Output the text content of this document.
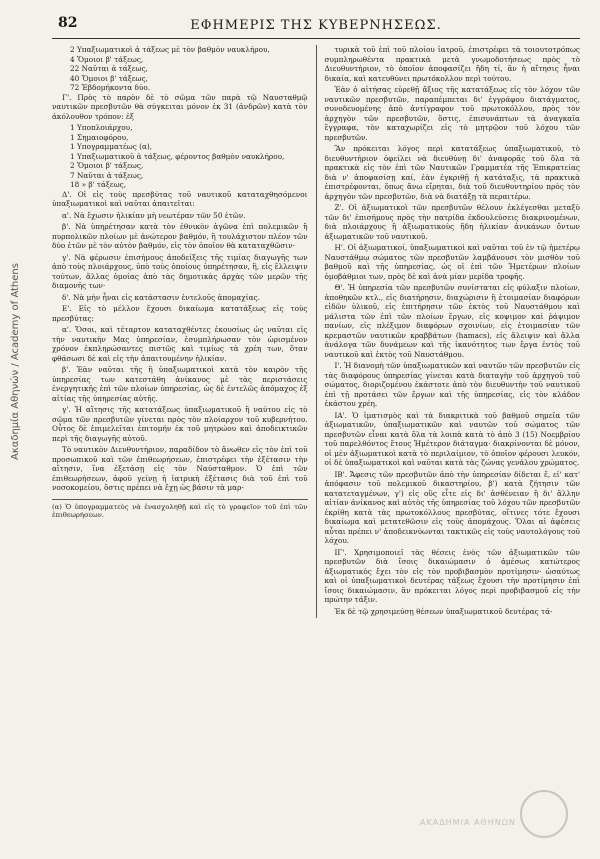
82	ΕΦΗΜΕΡΙΣ ΤΗΣ ΚΥΒΕΡΝΗΣΕΩΣ.
2 Υπαξιωματικοὶ ἀ τάξεως μὲ τὸν βαθμὸν ναυκλήρου,
4 Ὅμοιοι β' τάξεως,
22 Ναῦται ἀ τάξεως,
40 Ὅμοιοι β' τάξεως,
72 Ἑβδομήκοντα δύο.

Γ'. Πρὸς τὸ παρὸν δὲ τὸ σῶμα τῶν παρὰ τῷ Ναυσταθμῷ ναυτικῶν πρεσβυτῶν θὰ σύγκειται μόνον ἐκ 31 (ἀνδρῶν) κατὰ τὸν ἀκόλουθον τρόπον: ἐξ

1 Υποπλοιάρχου,
1 Σημαιοφόρου,
1 Υπογραμματέως (α),
1 Υπαξιωματικοῦ ἀ τάξεως, φέροντος βαθμὸν ναυκλήρου,
2 Ὅμοιοι β' τάξεως,
7 Ναῦται ἀ τάξεως,
18 » β' τάξεως,

Δ'. Οἱ εἰς τοὺς πρεσβύτας τοῦ ναυτικοῦ καταταχθησόμενοι ὑπαξιωματικοὶ καὶ ναῦται ἀπαιτεῖται:

α'. Νὰ ἔχωσιν ἡλικίαν μὴ νεωτέραν τῶν 50 ἐτῶν.

β'. Νὰ ὑπηρέτησαν κατὰ τὸν ἐθνικὸν ἀγῶνα ἐπὶ πολεμικῶν ἢ πυρπολικῶν πλοίων μὲ ἀνώτερον βαθμόν, ἢ τουλάχιστον πλέον τῶν δύο ἐτῶν μὲ τὸν αὐτὸν βαθμόν, εἰς τὸν ὁποῖον θὰ καταταχθῶσιν·

γ'. Νὰ φέρωσιν ἐπισήμους ἀποδείξεις τῆς τιμίας διαγωγῆς των ἀπὸ τοὺς πλοιάρχους, ὑπὸ τοὺς ὁποίους ὑπηρέτησαν, ἢ, εἰς ἔλλειψιν τούτων, ἄλλας ὁμοίας ἀπὸ τὰς δημοτικὰς ἀρχὰς τῶν μερῶν τῆς διαμονῆς των·

δ'. Νὰ μὴν ἦναι εἰς κατάστασιν ἐντελοῦς ἀπομαχίας.

Ε'. Εἰς τὸ μέλλον ἔχουσι δικαίωμα κατατάξεως εἰς τοὺς πρεσβύτας:

α'. Ὅσοι, καὶ τέταρτον καταταχθέντες ἑκουσίως ὡς ναῦται εἰς τὴν ναυτικὴν Μας ὑπηρεσίαν, ἐσυμπλήρωσαν τὸν ὡρισμένον χρόνον ἐκπληρώσαντες πιστῶς καὶ τιμίως τὰ χρέη των, ὅταν φθάσωσι δὲ καὶ εἰς τὴν ἀπαιτουμένην ἡλικίαν.

β'. Ἐὰν ναῦται τῆς ἢ ὑπαξιωματικοὶ κατὰ τὸν καιρὸν τῆς ὑπηρεσίας των κατεστάθη ἀνίκανος μὲ τὰς περιστάσεις ἐνεργητικῆς ἐπὶ τῶν πλοίων ὑπηρεσίας, ὡς δὲ ἐντελῶς ἀπόμαχος ἐξ αἰτίας τῆς ὑπηρεσίας αὐτῆς.

γ'. Ἡ αἴτησις τῆς κατατάξεως ὑπαξιωματικοῦ ἢ ναύτου εἰς τὸ σῶμα τῶν πρεσβυτῶν γίνεται πρὸς τὸν πλοίαρχον τοῦ κυβερνήτου. Οὗτος δὲ ἐπιμελεῖται ἐπιτομήν ἐκ τοῦ μητρώου καὶ ἀποδεικτικῶν περὶ τῆς διαγωγῆς αὐτοῦ.

Τὸ ναυτικὸν Διευθυντήριον, παραδίδον τὸ ἄνωθεν εἰς τὸν ἐπὶ τοῦ προσωπικοῦ καὶ τῶν ἐπιθεωρήσεων, ἐπιστρέφει τὴν ἐξέτασιν τὴν αἴτησιν, ἵνα ἐξετάσῃ εἰς τὸν Ναύσταθμον. Ὁ ἐπὶ τῶν ἐπιθεωρήσεων, ἀφοῦ γείνῃ ἡ ἰατρικὴ ἐξέτασις διὰ τοῦ ἐπὶ τοῦ νοσοκομείου, ὅστις πρέπει νὰ ἔχῃ ὡς βάσιν τὰ μαρ-

(α) Ὁ ὑπογραμματεὺς νὰ ἐνασχοληθῇ καὶ εἰς τὸ γραφεῖον τοῦ ἐπὶ τῶν ἐπιθεωρήσεων.

τυρικὰ τοῦ ἐπὶ τοῦ πλοίου ἰατροῦ, ἐπιστρέφει τὰ τοιουτοτρόπως συμπληρωθέντα πρακτικὰ μετὰ γνωμοδοτήσεως πρὸς τὸ Διευθυντήριον, τὸ ὁποῖον ἀποφασίζει ἤδη τί, ἂν ἡ αἴτησις ἦναι δικαία, καὶ κατευθύνει πρωτόκολλον περὶ τούτου.

Ἐὰν ὁ αἰτήσας εὑρεθῇ ἄξιος τῆς κατατάξεως εἰς τὸν λόχον τῶν ναυτικῶν πρεσβυτῶν, παραπέμπεται δι' ἐγγράφου διατάγματος, συνοδευομένης ἀπὸ ἀντίγραφον τοῦ πρωτοκόλλου, πρὸς τὸν ἀρχηγὸν τῶν πρεσβυτῶν, ὅστις, ἐπισυνάπτων τὰ ἀναγκαῖα ἔγγραφα, τὸν καταχωρίζει εἰς τὸ μητρῷον τοῦ λόχου τῶν πρεσβυτῶν.

Ἂν πρόκειται λόγος περὶ κατατάξεως ὑπαξιωματικοῦ, τὸ διευθυντήριον ὀφείλει νὰ διευθύνῃ δι' ἀναφορᾶς τοῦ ὅλα τὰ πρακτικὰ εἰς τὸν ἐπὶ τῶν Ναυτικῶν Γραμματέα τῆς Ἐπικρατείας διὰ ν' ἀποφασίσῃ καί, ἐὰν ἐγκριθῇ ἡ κατάταξις, τὰ πρακτικὰ ἐπιστρέφονται, ὅπως ἄνω εἴρηται, διὰ τοῦ διευθυντηρίου πρὸς τὸν ἀρχηγὸν τῶν πρεσβυτῶν, διὰ νὰ διατάξῃ τὰ περαιτέρω.

Ζ'. Οἱ ἀξιωματικοὶ τῶν πρεσβυτῶν θέλουν ἐκλέγεσθαι μεταξὺ τῶν δι' ἐπισήμους πρὸς τὴν πατρίδα ἐκδουλεύσεις διακρινομένων, διὰ πλοιάρχους ἢ ἀξιωματικοὺς ἤδη ἡλικίαν ἀνικάνων ὄντων ἀξιωματικῶν τοῦ ναυτικοῦ.

Η'. Οἱ ἀξιωματικοί, ὑπαξιωματικοὶ καὶ ναῦται τοῦ ἐν τῷ ἡμετέρῳ Ναυστάθμῳ σώματος τῶν πρεσβυτῶν λαμβάνουσι τὸν μισθὸν τοῦ βαθμοῦ καὶ τῆς ὑπηρεσίας, ὡς οἱ ἐπὶ τῶν Ἡμετέρων πλοίων ὁμοβάθμιοι των, πρὸς δὲ καὶ ἀνὰ μίαν μερίδα τροφῆς.

Θ'. Ἡ ὑπηρεσία τῶν πρεσβυτῶν συνίσταται εἰς φύλαξιν πλοίων, ἀποθηκῶν κτλ., εἰς διατήρησιν, διαχώρισιν ἢ ἑτοιμασίαν διαφόρων εἰδῶν ὑλικοῦ, εἰς ἐπιτήρησιν τῶν ἐκτὸς τοῦ Ναυστάθμου καὶ μάλιστα τῶν ἐπὶ τῶν πλοίων ἔργων, εἰς κοψιμον καὶ ῥάψιμον πανίων, εἰς πλέξιμον διαφόρων σχοινίων, εἰς ἑτοιμασίαν τῶν κρεμαστῶν ναυτικῶν κραββάτων (hamacs), εἰς ἄλειψιν καὶ ἄλλα ἀνάλογα τῶν δυνάμεων καὶ τῆς ἱκανότητος των ἔργα ἐντὸς τοῦ ναυτικοῦ καὶ ἐκτὸς τοῦ Ναυστάθμου.

Ι'. Ἡ διανομὴ τῶν ὑπαξιωματικῶν καὶ ναυτῶν τῶν πρεσβυτῶν εἰς τὰς διαφόρους ὑπηρεσίας γίνεται κατὰ διαταγὴν τοῦ ἀρχηγοῦ τοῦ σώματος, διοριζομένου ἑκάστοτε ἀπὸ τὸν διευθυντὴν τοῦ ναυτικοῦ ἐπὶ τῇ προτάσει τῶν ἔργων καὶ τῆς ὑπηρεσίας, εἰς τὸν κλάδον ἑκάστου χρέη.

ΙΑ'. Ὁ ἱματισμὸς καὶ τὰ διακριτικὰ τοῦ βαθμοῦ σημεῖα τῶν ἀξιωματικῶν, ὑπαξιωματικῶν καὶ ναυτῶν τοῦ σώματος τῶν πρεσβυτῶν εἶναι κατὰ ὅλα τὰ λοιπὰ κατὰ τὸ ἀπὸ 3 (15) Νοεμβρίου τοῦ παρελθόντος ἔτους Ἡμέτερον διάταγμα· διακρίνονται δὲ μόνον, οἱ μὲν ἀξιωματικοὶ κατὰ τὸ περιλαίμιον, τὸ ὁποῖον φέρουσι λευκόν, οἱ δὲ ὑπαξιωματικοὶ καὶ ναῦται κατὰ τὰς ζώνας γενάλου χρώματος.

ΙΒ'. Ἄφεσις τῶν πρεσβυτῶν ἀπὸ τὴν ὑπηρεσίαν δίδεται ἕ, εἰ' κατ' ἀπόφασιν τοῦ πολεμικοῦ δικαστηρίου, β') κατὰ ζήτησιν τῶν κατατεταγμένων, γ') εἰς οὓς εἶτε εἰς δι' ἀσθένειαν ἢ δι' ἄλλην αἰτίαν ἀνίκανος καὶ αὐτὸς τῆς ὑπηρεσίας τοῦ λόχου τῶν πρεσβυτῶν ἐκρίθη κατὰ τὰς πρωτοκόλλους πρεσβύτας, οἵτινες τότε ἔχουσι δικαίωμα καὶ μετατεθῶσιν εἰς τοὺς ἀπομάχους. Ὅλαι αἱ ἀφέσεις αὗται πρέπει ν' ἀποδεικνύωνται τακτικῶς εἰς τοὺς ναυτολόγους τοῦ λόχου.

ΙΓ'. Χρησιμοποιεῖ τὰς θέσεις ἑνὸς τῶν ἀξιωματικῶν τῶν πρεσβυτῶν διὰ ἴσοις δικαιώμασιν ὁ ἀμέσως κατώτερος ἀξιωματικὸς ἔχει τὸν εἰς τὸν προβιβασμὸν προτίμησιν· ὡσαύτως καὶ οἱ ὑπαξιωματικοὶ δευτέρας τάξεως ἔχουσι τὴν προτίμησιν ἐπὶ ἴσοις δικαιώμασιν, ἂν πρόκειται λόγος περὶ προβιβασμοῦ εἰς τὴν πρώτην τάξιν.

Ἐκ δὲ τῷ χρησιμεύσῃ θέσεων ὑπαξιωματικοῦ δευτέρας τά-

Ακαδημία Αθηνών / Academy of Athens
ΑΚΑΔΗΜΙΑ ΑΘΗΝΩΝ
